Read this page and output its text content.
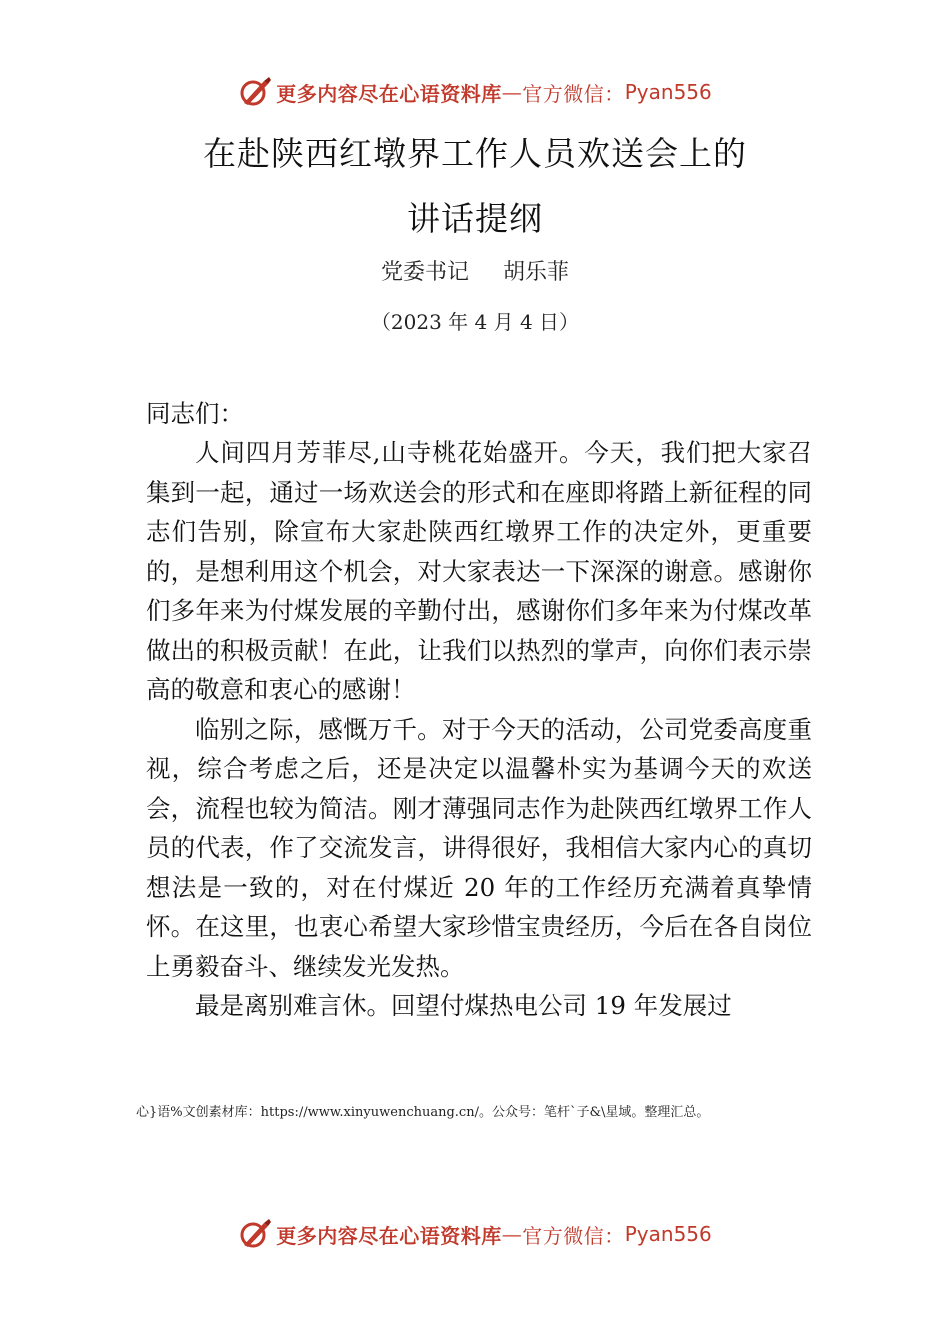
更多内容尽在心语资料库 — 官方微信： Pyan556
在赴陕西红墩界工作人员欢送会上的
讲话提纲
党委书记 胡乐菲
（2023 年 4 月 4 日）
同志们：

人间四月芳菲尽,山寺桃花始盛开。今天，我们把大家召集到一起，通过一场欢送会的形式和在座即将踏上新征程的同志们告别，除宣布大家赴陕西红墩界工作的决定外，更重要的，是想利用这个机会，对大家表达一下深深的谢意。感谢你们多年来为付煤发展的辛勤付出，感谢你们多年来为付煤改革做出的积极贡献！在此，让我们以热烈的掌声，向你们表示崇高的敬意和衷心的感谢！

临别之际，感慨万千。对于今天的活动，公司党委高度重视，综合考虑之后，还是决定以温馨朴实为基调今天的欢送会，流程也较为简洁。刚才薄强同志作为赴陕西红墩界工作人员的代表，作了交流发言，讲得很好，我相信大家内心的真切想法是一致的，对在付煤近 20 年的工作经历充满着真挚情怀。在这里，也衷心希望大家珍惜宝贵经历，今后在各自岗位上勇毅奋斗、继续发光发热。

最是离别难言休。回望付煤热电公司 19 年发展过

心}语%文创素材库：https://www.xinyuwenchuang.cn/。公众号：笔杆`子&\星域。整理汇总。
更多内容尽在心语资料库 — 官方微信： Pyan556
